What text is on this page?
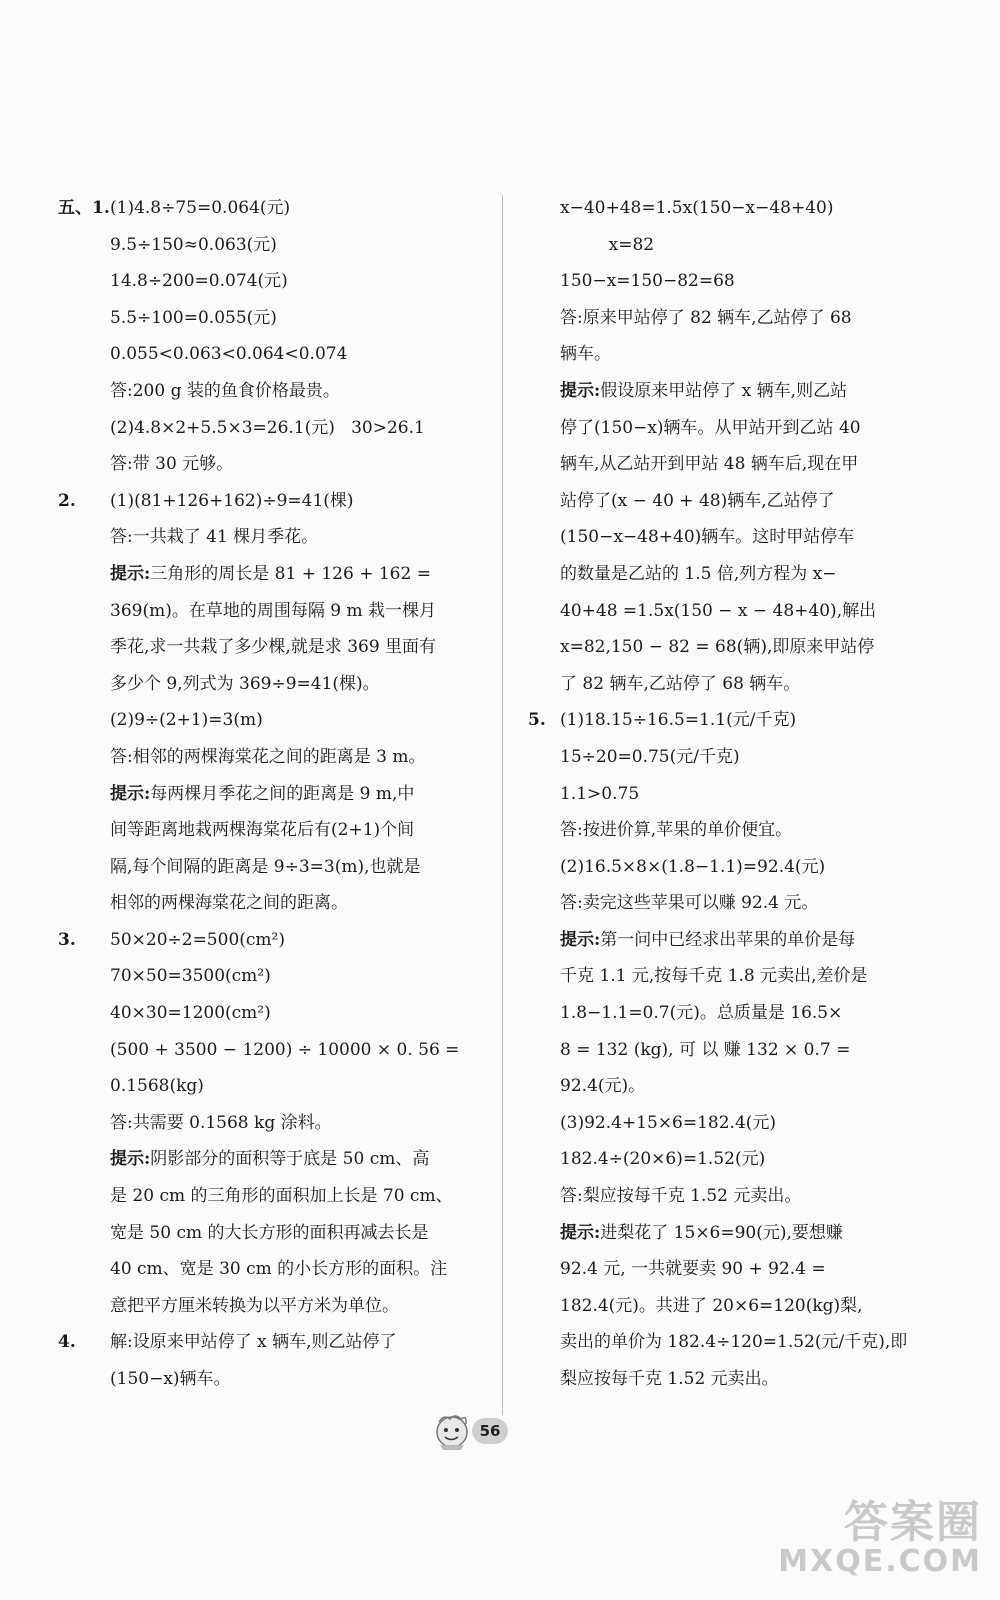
五、1. (1)4.8÷75=0.064(元)
9.5÷150≈0.063(元)
14.8÷200=0.074(元)
5.5÷100=0.055(元)
0.055<0.063<0.064<0.074
答:200 g 装的鱼食价格最贵。
(2)4.8×2+5.5×3=26.1(元)   30>26.1
答:带 30 元够。
2. (1)(81+126+162)÷9=41(棵)
答:一共栽了 41 棵月季花。
提示:三角形的周长是 81 + 126 + 162 =
369(m)。在草地的周围每隔 9 m 栽一棵月
季花,求一共栽了多少棵,就是求 369 里面有
多少个 9,列式为 369÷9=41(棵)。
(2)9÷(2+1)=3(m)
答:相邻的两棵海棠花之间的距离是 3 m。
提示:每两棵月季花之间的距离是 9 m,中
间等距离地栽两棵海棠花后有(2+1)个间
隔,每个间隔的距离是 9÷3=3(m),也就是
相邻的两棵海棠花之间的距离。
3. 50×20÷2=500(cm²)
70×50=3500(cm²)
40×30=1200(cm²)
(500 + 3500 − 1200) ÷ 10000 × 0. 56 =
0.1568(kg)
答:共需要 0.1568 kg 涂料。
提示:阴影部分的面积等于底是 50 cm、高
是 20 cm 的三角形的面积加上长是 70 cm、
宽是 50 cm 的大长方形的面积再减去长是
40 cm、宽是 30 cm 的小长方形的面积。注
意把平方厘米转换为以平方米为单位。
4. 解:设原来甲站停了 x 辆车,则乙站停了
(150−x)辆车。
x−40+48=1.5x(150−x−48+40)
x=82
150−x=150−82=68
答:原来甲站停了 82 辆车,乙站停了 68
辆车。
提示:假设原来甲站停了 x 辆车,则乙站
停了(150−x)辆车。从甲站开到乙站 40
辆车,从乙站开到甲站 48 辆车后,现在甲
站停了(x − 40 + 48)辆车,乙站停了
(150−x−48+40)辆车。这时甲站停车
的数量是乙站的 1.5 倍,列方程为 x−
40+48 =1.5x(150 − x − 48+40),解出
x=82,150 − 82 = 68(辆),即原来甲站停
了 82 辆车,乙站停了 68 辆车。
5. (1)18.15÷16.5=1.1(元/千克)
15÷20=0.75(元/千克)
1.1>0.75
答:按进价算,苹果的单价便宜。
(2)16.5×8×(1.8−1.1)=92.4(元)
答:卖完这些苹果可以赚 92.4 元。
提示:第一问中已经求出苹果的单价是每
千克 1.1 元,按每千克 1.8 元卖出,差价是
1.8−1.1=0.7(元)。总质量是 16.5×
8 = 132 (kg), 可 以 赚 132 × 0.7 =
92.4(元)。
(3)92.4+15×6=182.4(元)
182.4÷(20×6)=1.52(元)
答:梨应按每千克 1.52 元卖出。
提示:进梨花了 15×6=90(元),要想赚
92.4 元, 一共就要卖 90 + 92.4 =
182.4(元)。共进了 20×6=120(kg)梨,
卖出的单价为 182.4÷120=1.52(元/千克),即
梨应按每千克 1.52 元卖出。
56
答案圈
MXQE.COM
